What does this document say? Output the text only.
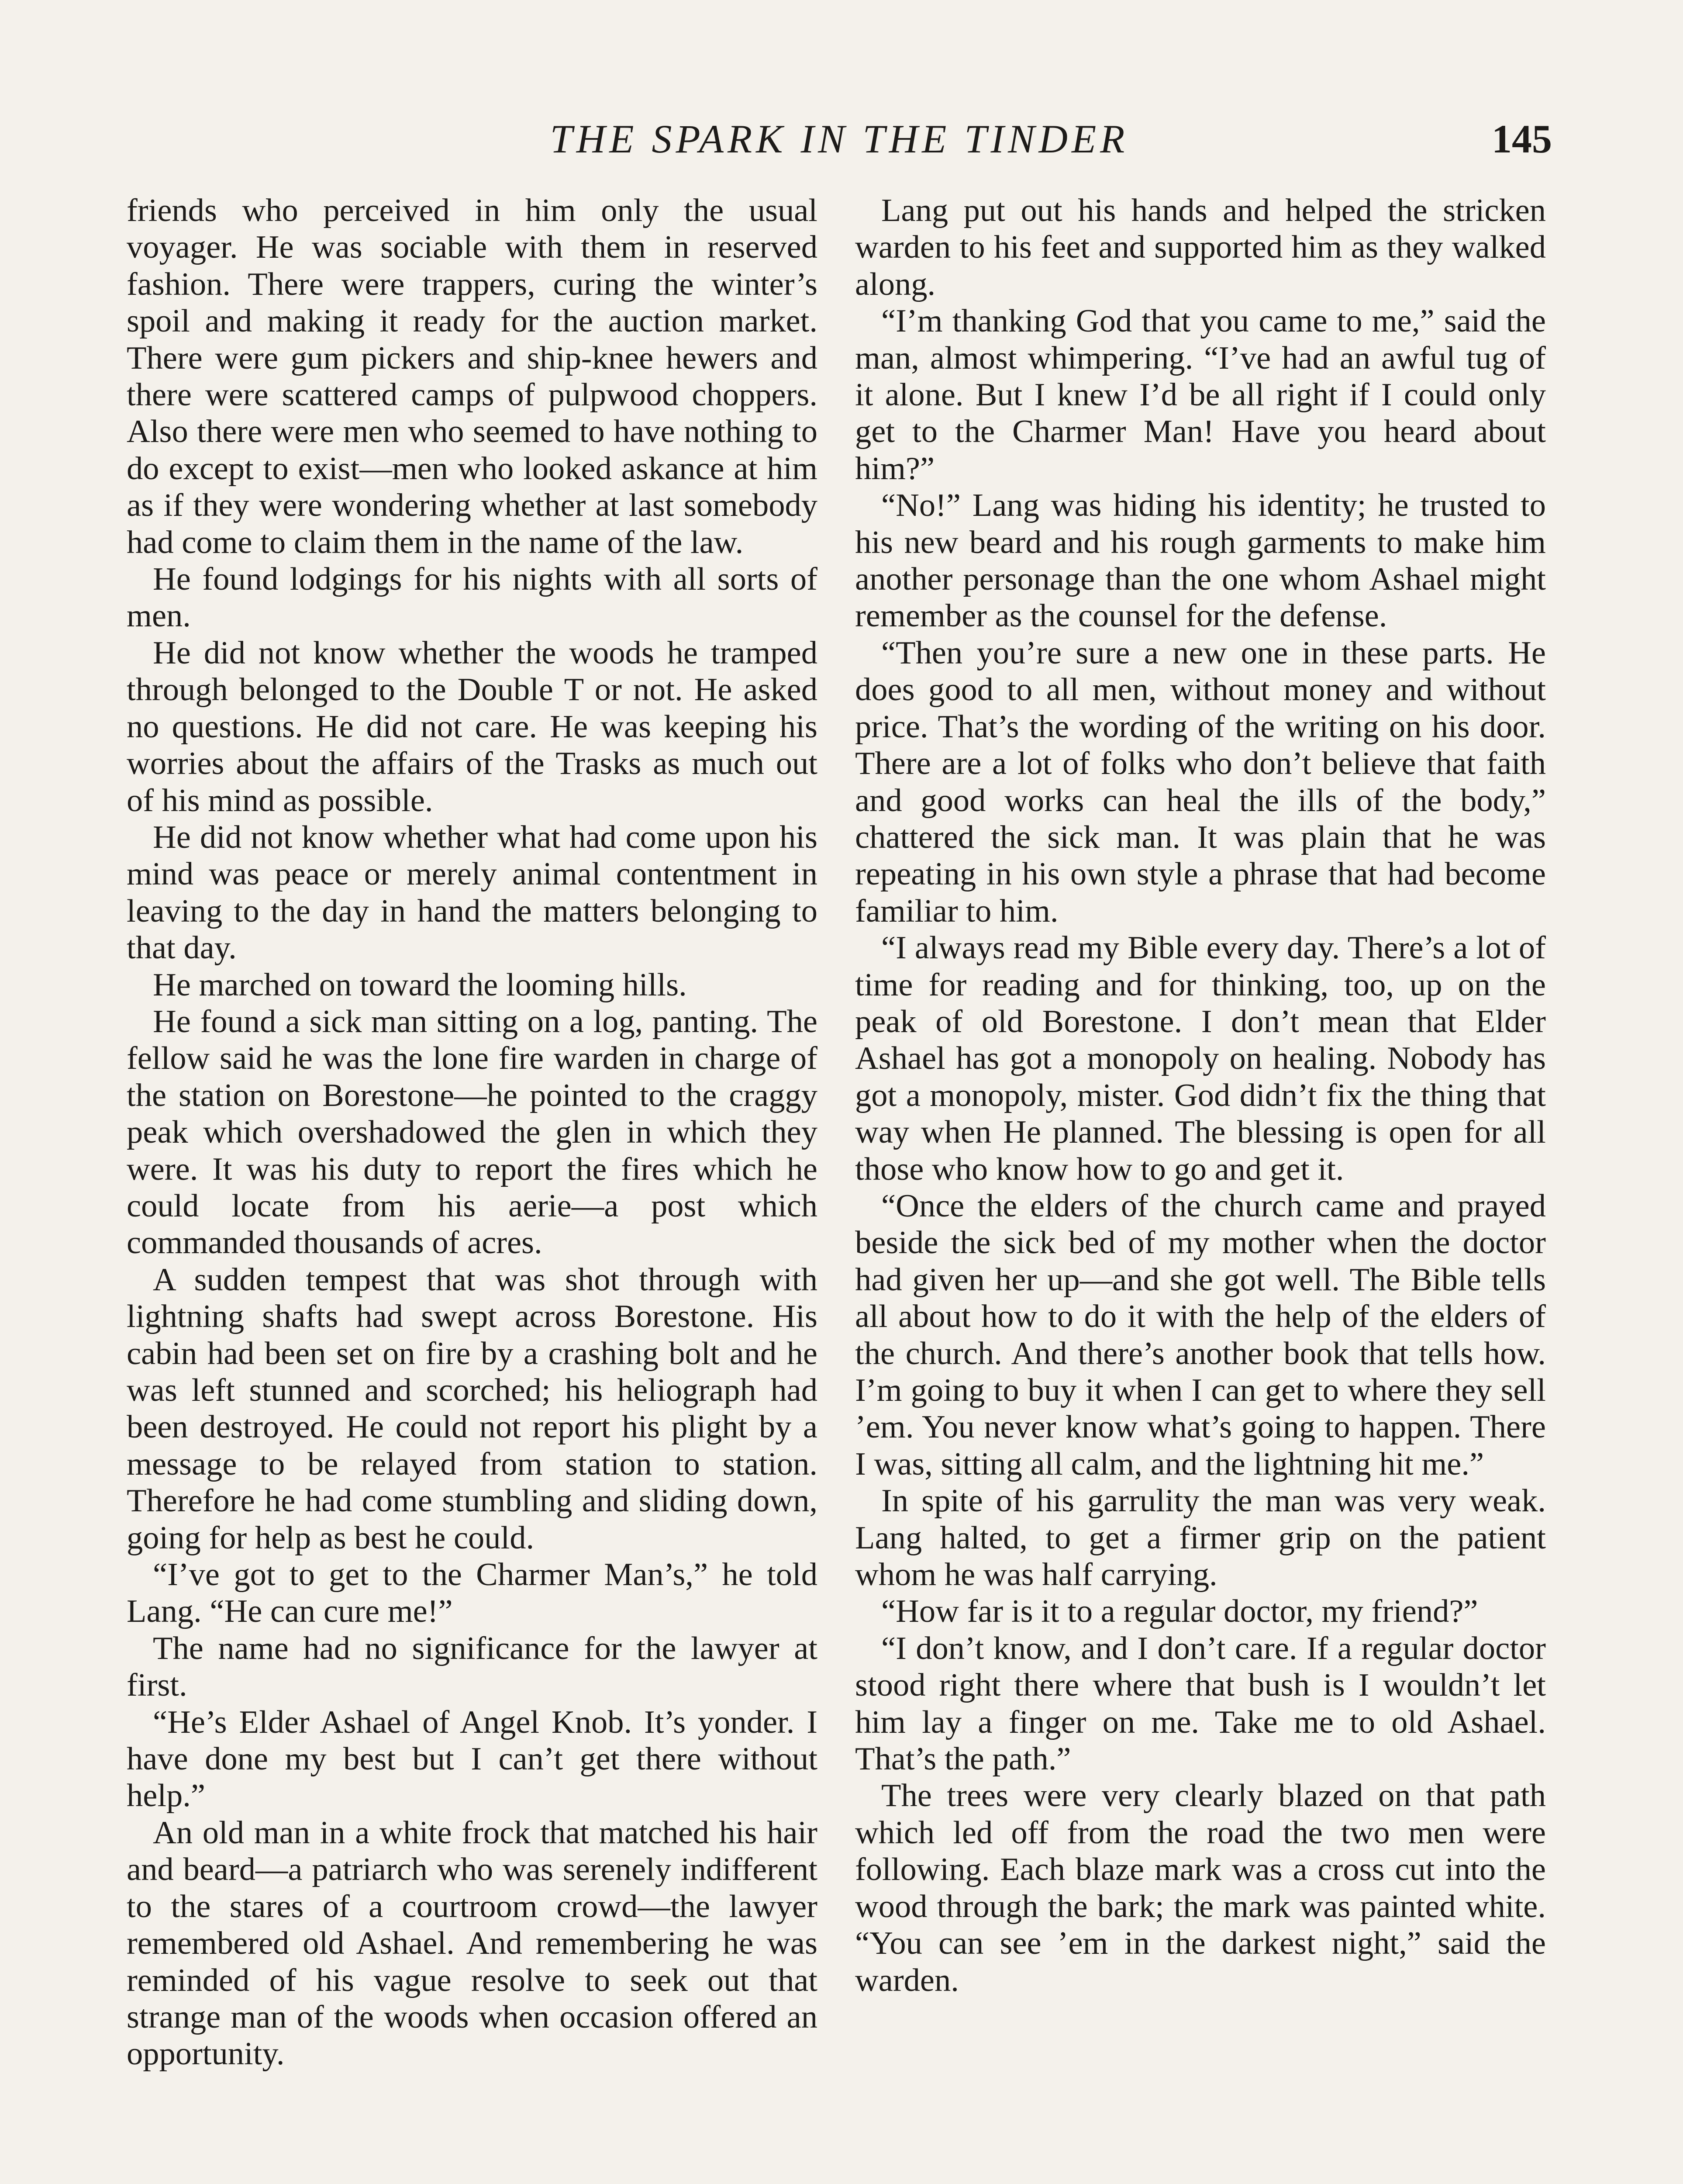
THE SPARK IN THE TINDER	145

friends who perceived in him only the usual voyager. He was sociable with them in reserved fashion. There were trappers, curing the winter’s spoil and making it ready for the auction market. There were gum pickers and ship-knee hewers and there were scattered camps of pulpwood choppers. Also there were men who seemed to have nothing to do except to exist—men who looked askance at him as if they were wondering whether at last somebody had come to claim them in the name of the law.

He found lodgings for his nights with all sorts of men.

He did not know whether the woods he tramped through belonged to the Double T or not. He asked no questions. He did not care. He was keeping his worries about the affairs of the Trasks as much out of his mind as possible.

He did not know whether what had come upon his mind was peace or merely animal contentment in leaving to the day in hand the matters belonging to that day.

He marched on toward the looming hills.

He found a sick man sitting on a log, panting. The fellow said he was the lone fire warden in charge of the station on Borestone—he pointed to the craggy peak which overshadowed the glen in which they were. It was his duty to report the fires which he could locate from his aerie—a post which commanded thousands of acres.

A sudden tempest that was shot through with lightning shafts had swept across Borestone. His cabin had been set on fire by a crashing bolt and he was left stunned and scorched; his heliograph had been destroyed. He could not report his plight by a message to be relayed from station to station. Therefore he had come stumbling and sliding down, going for help as best he could.

“I’ve got to get to the Charmer Man’s,” he told Lang. “He can cure me!”

The name had no significance for the lawyer at first.

“He’s Elder Ashael of Angel Knob. It’s yonder. I have done my best but I can’t get there without help.”

An old man in a white frock that matched his hair and beard—a patriarch who was serenely indifferent to the stares of a courtroom crowd—the lawyer remembered old Ashael. And remembering he was reminded of his vague resolve to seek out that strange man of the woods when occasion offered an opportunity.

Lang put out his hands and helped the stricken warden to his feet and supported him as they walked along.

“I’m thanking God that you came to me,” said the man, almost whimpering. “I’ve had an awful tug of it alone. But I knew I’d be all right if I could only get to the Charmer Man! Have you heard about him?”

“No!” Lang was hiding his identity; he trusted to his new beard and his rough garments to make him another personage than the one whom Ashael might remember as the counsel for the defense.

“Then you’re sure a new one in these parts. He does good to all men, without money and without price. That’s the wording of the writing on his door. There are a lot of folks who don’t believe that faith and good works can heal the ills of the body,” chattered the sick man. It was plain that he was repeating in his own style a phrase that had become familiar to him.

“I always read my Bible every day. There’s a lot of time for reading and for thinking, too, up on the peak of old Borestone. I don’t mean that Elder Ashael has got a monopoly on healing. Nobody has got a monopoly, mister. God didn’t fix the thing that way when He planned. The blessing is open for all those who know how to go and get it.

“Once the elders of the church came and prayed beside the sick bed of my mother when the doctor had given her up—and she got well. The Bible tells all about how to do it with the help of the elders of the church. And there’s another book that tells how. I’m going to buy it when I can get to where they sell ’em. You never know what’s going to happen. There I was, sitting all calm, and the lightning hit me.”

In spite of his garrulity the man was very weak. Lang halted, to get a firmer grip on the patient whom he was half carrying.

“How far is it to a regular doctor, my friend?”

“I don’t know, and I don’t care. If a regular doctor stood right there where that bush is I wouldn’t let him lay a finger on me. Take me to old Ashael. That’s the path.”

The trees were very clearly blazed on that path which led off from the road the two men were following. Each blaze mark was a cross cut into the wood through the bark; the mark was painted white. “You can see ’em in the darkest night,” said the warden.
